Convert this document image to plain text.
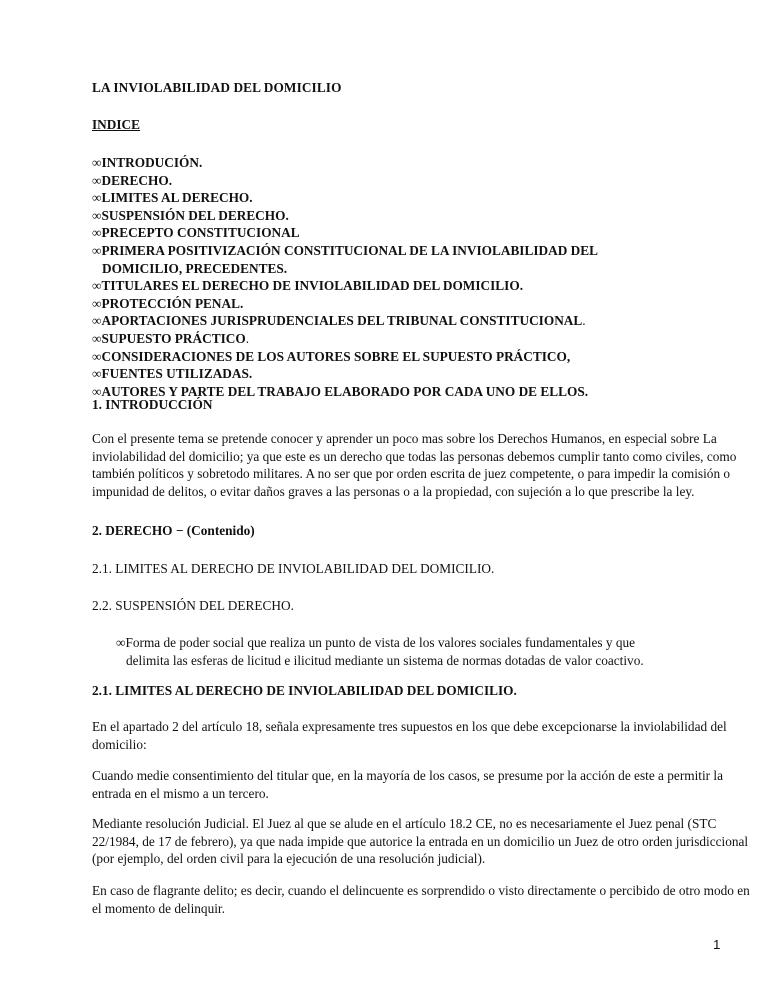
LA INVIOLABILIDAD DEL DOMICILIO
INDICE
∞INTRODUCIÓN.
∞DERECHO.
∞LIMITES AL DERECHO.
∞SUSPENSIÓN DEL DERECHO.
∞PRECEPTO CONSTITUCIONAL
∞PRIMERA POSITIVIZACIÓN CONSTITUCIONAL DE LA INVIOLABILIDAD DEL
DOMICILIO, PRECEDENTES.
∞TITULARES EL DERECHO DE INVIOLABILIDAD DEL DOMICILIO.
∞PROTECCIÓN PENAL.
∞APORTACIONES JURISPRUDENCIALES DEL TRIBUNAL CONSTITUCIONAL.
∞SUPUESTO PRÁCTICO.
∞CONSIDERACIONES DE LOS AUTORES SOBRE EL SUPUESTO PRÁCTICO,
∞FUENTES UTILIZADAS.
∞AUTORES Y PARTE DEL TRABAJO ELABORADO POR CADA UNO DE ELLOS.
1. INTRODUCCIÓN
Con el presente tema se pretende conocer y aprender un poco mas sobre los Derechos Humanos, en especial sobre La inviolabilidad del domicilio; ya que este es un derecho que todas las personas debemos cumplir tanto como civiles, como también políticos y sobretodo militares. A no ser que por orden escrita de juez competente, o para impedir la comisión o impunidad de delitos, o evitar daños graves a las personas o a la propiedad, con sujeción a lo que prescribe la ley.
2. DERECHO − (Contenido)
2.1. LIMITES AL DERECHO DE INVIOLABILIDAD DEL DOMICILIO.
2.2. SUSPENSIÓN DEL DERECHO.
∞Forma de poder social que realiza un punto de vista de los valores sociales fundamentales y que
delimita las esferas de licitud e ilicitud mediante un sistema de normas dotadas de valor coactivo.
2.1. LIMITES AL DERECHO DE INVIOLABILIDAD DEL DOMICILIO.
En el apartado 2 del artículo 18, señala expresamente tres supuestos en los que debe excepcionarse la inviolabilidad del domicilio:
Cuando medie consentimiento del titular que, en la mayoría de los casos, se presume por la acción de este a permitir la entrada en el mismo a un tercero.
Mediante resolución Judicial. El Juez al que se alude en el artículo 18.2 CE, no es necesariamente el Juez penal (STC 22/1984, de 17 de febrero), ya que nada impide que autorice la entrada en un domicilio un Juez de otro orden jurisdiccional (por ejemplo, del orden civil para la ejecución de una resolución judicial).
En caso de flagrante delito; es decir, cuando el delincuente es sorprendido o visto directamente o percibido de otro modo en el momento de delinquir.
1
